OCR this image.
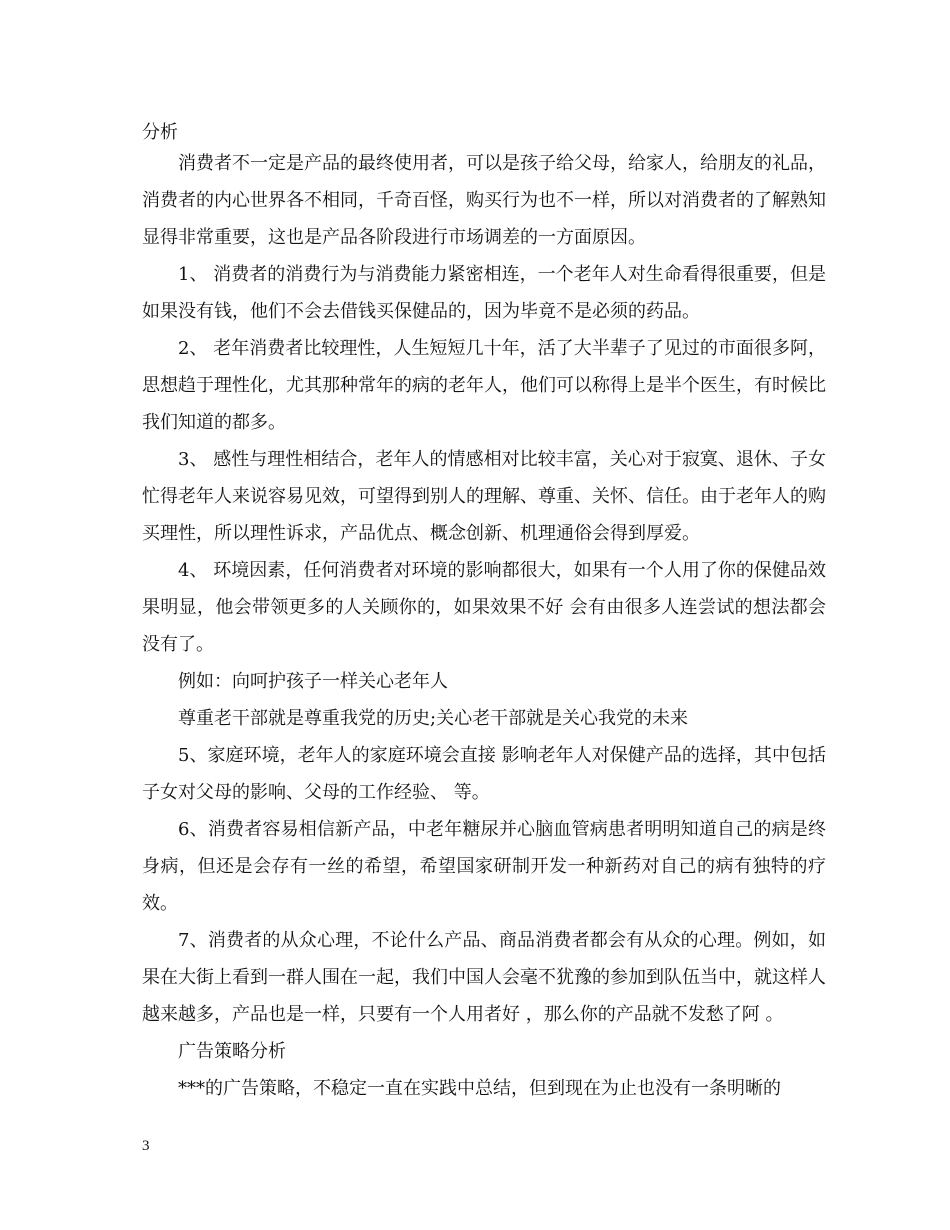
分析

消费者不一定是产品的最终使用者，可以是孩子给父母，给家人，给朋友的礼品，消费者的内心世界各不相同，千奇百怪，购买行为也不一样，所以对消费者的了解熟知显得非常重要，这也是产品各阶段进行市场调差的一方面原因。

1、 消费者的消费行为与消费能力紧密相连，一个老年人对生命看得很重要，但是如果没有钱，他们不会去借钱买保健品的，因为毕竟不是必须的药品。

2、 老年消费者比较理性，人生短短几十年，活了大半辈子了见过的市面很多阿，思想趋于理性化，尤其那种常年的病的老年人，他们可以称得上是半个医生，有时候比我们知道的都多。

3、 感性与理性相结合，老年人的情感相对比较丰富，关心对于寂寞、退休、子女忙得老年人来说容易见效，可望得到别人的理解、尊重、关怀、信任。由于老年人的购买理性，所以理性诉求，产品优点、概念创新、机理通俗会得到厚爱。

4、 环境因素，任何消费者对环境的影响都很大，如果有一个人用了你的保健品效果明显，他会带领更多的人关顾你的，如果效果不好 会有由很多人连尝试的想法都会没有了。

例如：向呵护孩子一样关心老年人

尊重老干部就是尊重我党的历史;关心老干部就是关心我党的未来

5、家庭环境，老年人的家庭环境会直接 影响老年人对保健产品的选择，其中包括子女对父母的影响、父母的工作经验、 等。

6、消费者容易相信新产品，中老年糖尿并心脑血管病患者明明知道自己的病是终身病，但还是会存有一丝的希望，希望国家研制开发一种新药对自己的病有独特的疗效。

7、消费者的从众心理，不论什么产品、商品消费者都会有从众的心理。例如，如果在大街上看到一群人围在一起，我们中国人会毫不犹豫的参加到队伍当中，就这样人越来越多，产品也是一样，只要有一个人用者好 ，那么你的产品就不发愁了阿 。

广告策略分析

***的广告策略，不稳定一直在实践中总结，但到现在为止也没有一条明晰的

3
